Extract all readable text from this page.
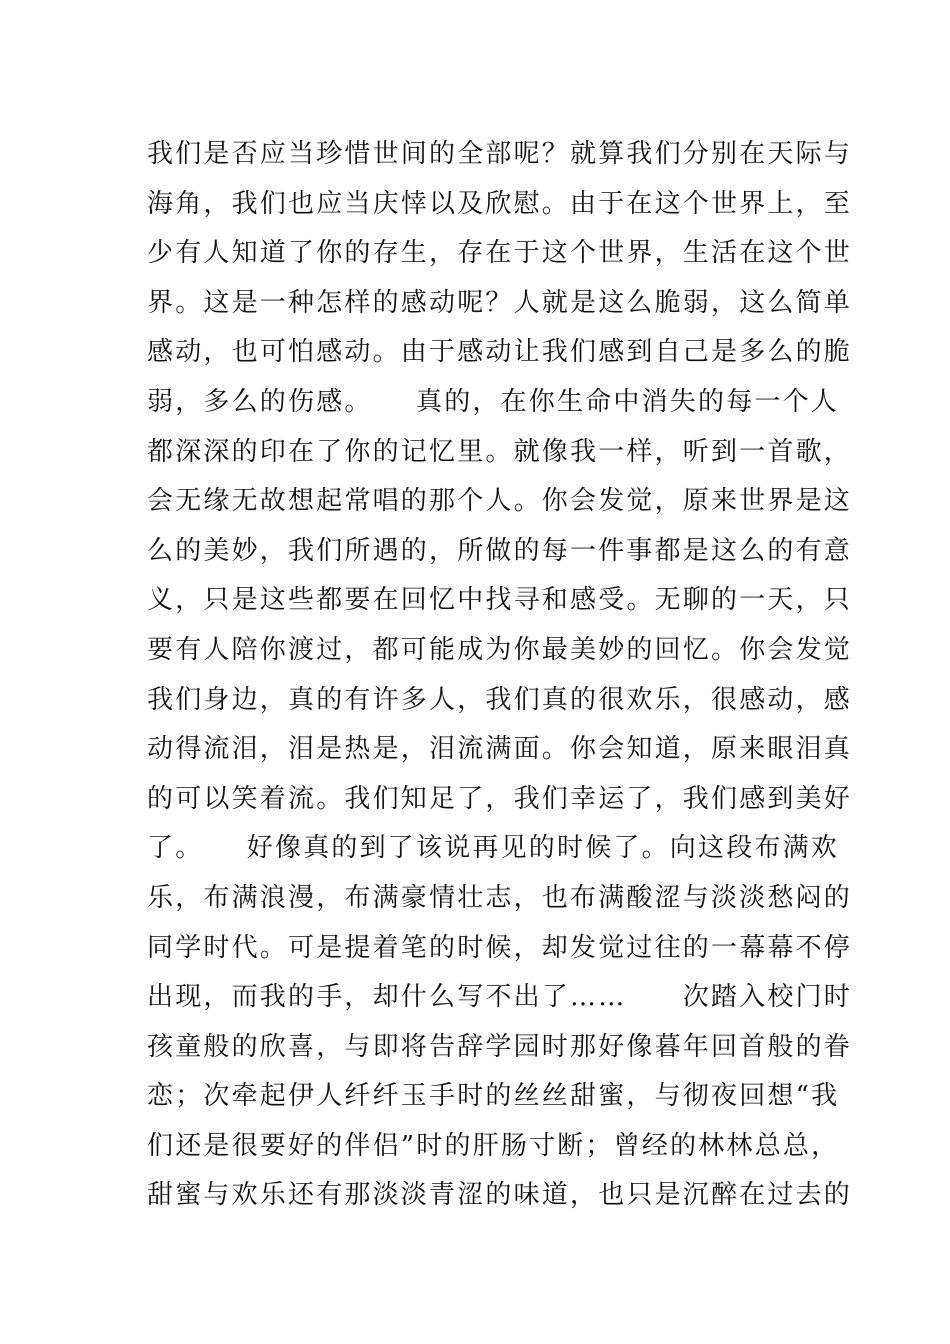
我们是否应当珍惜世间的全部呢？就算我们分别在天际与
海角，我们也应当庆悻以及欣慰。由于在这个世界上，至
少有人知道了你的存生，存在于这个世界，生活在这个世
界。这是一种怎样的感动呢？人就是这么脆弱，这么简单
感动，也可怕感动。由于感动让我们感到自己是多么的脆
弱，多么的伤感。　　真的，在你生命中消失的每一个人
都深深的印在了你的记忆里。就像我一样，听到一首歌，
会无缘无故想起常唱的那个人。你会发觉，原来世界是这
么的美妙，我们所遇的，所做的每一件事都是这么的有意
义，只是这些都要在回忆中找寻和感受。无聊的一天，只
要有人陪你渡过，都可能成为你最美妙的回忆。你会发觉
我们身边，真的有许多人，我们真的很欢乐，很感动，感
动得流泪，泪是热是，泪流满面。你会知道，原来眼泪真
的可以笑着流。我们知足了，我们幸运了，我们感到美好
了。　　好像真的到了该说再见的时候了。向这段布满欢
乐，布满浪漫，布满豪情壮志，也布满酸涩与淡淡愁闷的
同学时代。可是提着笔的时候，却发觉过往的一幕幕不停
出现，而我的手，却什么写不出了……　　次踏入校门时
孩童般的欣喜，与即将告辞学园时那好像暮年回首般的眷
恋；次牵起伊人纤纤玉手时的丝丝甜蜜，与彻夜回想“我
们还是很要好的伴侣”时的肝肠寸断；曾经的林林总总，
甜蜜与欢乐还有那淡淡青涩的味道，也只是沉醉在过去的
